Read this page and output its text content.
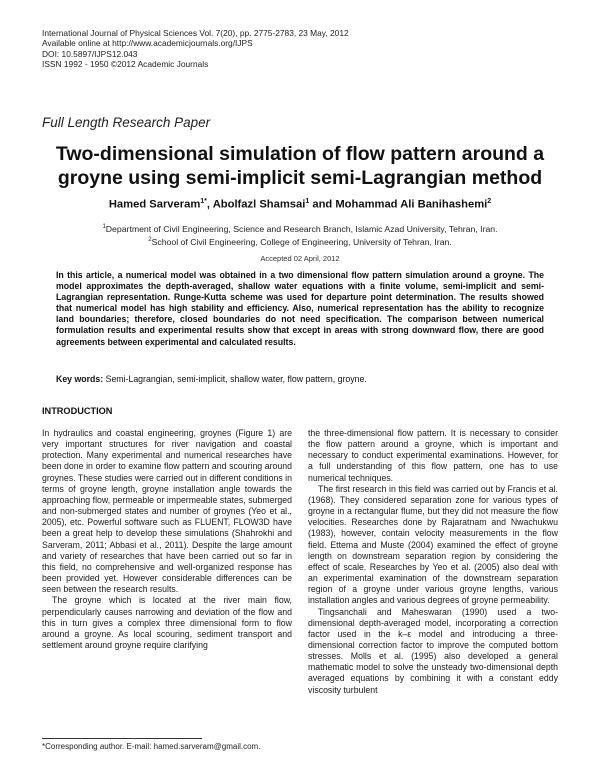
International Journal of Physical Sciences Vol. 7(20), pp. 2775-2783, 23 May, 2012
Available online at http://www.academicjournals.org/IJPS
DOI: 10.5897/IJPS12.043
ISSN 1992 - 1950 ©2012 Academic Journals
Full Length Research Paper
Two-dimensional simulation of flow pattern around a groyne using semi-implicit semi-Lagrangian method
Hamed Sarveram$^{1*}$, Abolfazl Shamsai$^1$ and Mohammad Ali Banihashemi$^2$
$^1$Department of Civil Engineering, Science and Research Branch, Islamic Azad University, Tehran, Iran.
$^2$School of Civil Engineering, College of Engineering, University of Tehran, Iran.
Accepted 02 April, 2012
In this article, a numerical model was obtained in a two dimensional flow pattern simulation around a groyne. The model approximates the depth-averaged, shallow water equations with a finite volume, semi-implicit and semi-Lagrangian representation. Runge-Kutta scheme was used for departure point determination. The results showed that numerical model has high stability and efficiency. Also, numerical representation has the ability to recognize land boundaries; therefore, closed boundaries do not need specification. The comparison between numerical formulation results and experimental results show that except in areas with strong downward flow, there are good agreements between experimental and calculated results.
Key words: Semi-Lagrangian, semi-implicit, shallow water, flow pattern, groyne.
INTRODUCTION

In hydraulics and coastal engineering, groynes (Figure 1) are very important structures for river navigation and coastal protection. Many experimental and numerical researches have been done in order to examine flow pattern and scouring around groynes. These studies were carried out in different conditions in terms of groyne length, groyne installation angle towards the approaching flow, permeable or impermeable states, submerged and non-submerged states and number of groynes (Yeo et al., 2005), etc. Powerful software such as FLUENT, FLOW3D have been a great help to develop these simulations (Shahrokhi and Sarveram, 2011; Abbasi et al., 2011). Despite the large amount and variety of researches that have been carried out so far in this field, no comprehensive and well-organized response has been provided yet. However considerable differences can be seen between the research results.

The groyne which is located at the river main flow, perpendicularly causes narrowing and deviation of the flow and this in turn gives a complex three dimensional form to flow around a groyne. As local scouring, sediment transport and settlement around groyne require clarifying

the three-dimensional flow pattern. It is necessary to consider the flow pattern around a groyne, which is important and necessary to conduct experimental examinations. However, for a full understanding of this flow pattern, one has to use numerical techniques.

The first research in this field was carried out by Francis et al. (1968). They considered separation zone for various types of groyne in a rectangular flume, but they did not measure the flow velocities. Researches done by Rajaratnam and Nwachukwu (1983), however, contain velocity measurements in the flow field. Ettema and Muste (2004) examined the effect of groyne length on downstream separation region by considering the effect of scale. Researches by Yeo et al. (2005) also deal with an experimental examination of the downstream separation region of a groyne under various groyne lengths, various installation angles and various degrees of groyne permeability.

Tingsanchali and Maheswaran (1990) used a two-dimensional depth-averaged model, incorporating a correction factor used in the k–ε model and introducing a three-dimensional correction factor to improve the computed bottom stresses. Molls et al. (1995) also developed a general mathematic model to solve the unsteady two-dimensional depth averaged equations by combining it with a constant eddy viscosity turbulent

*Corresponding author. E-mail: hamed.sarveram@gmail.com.
